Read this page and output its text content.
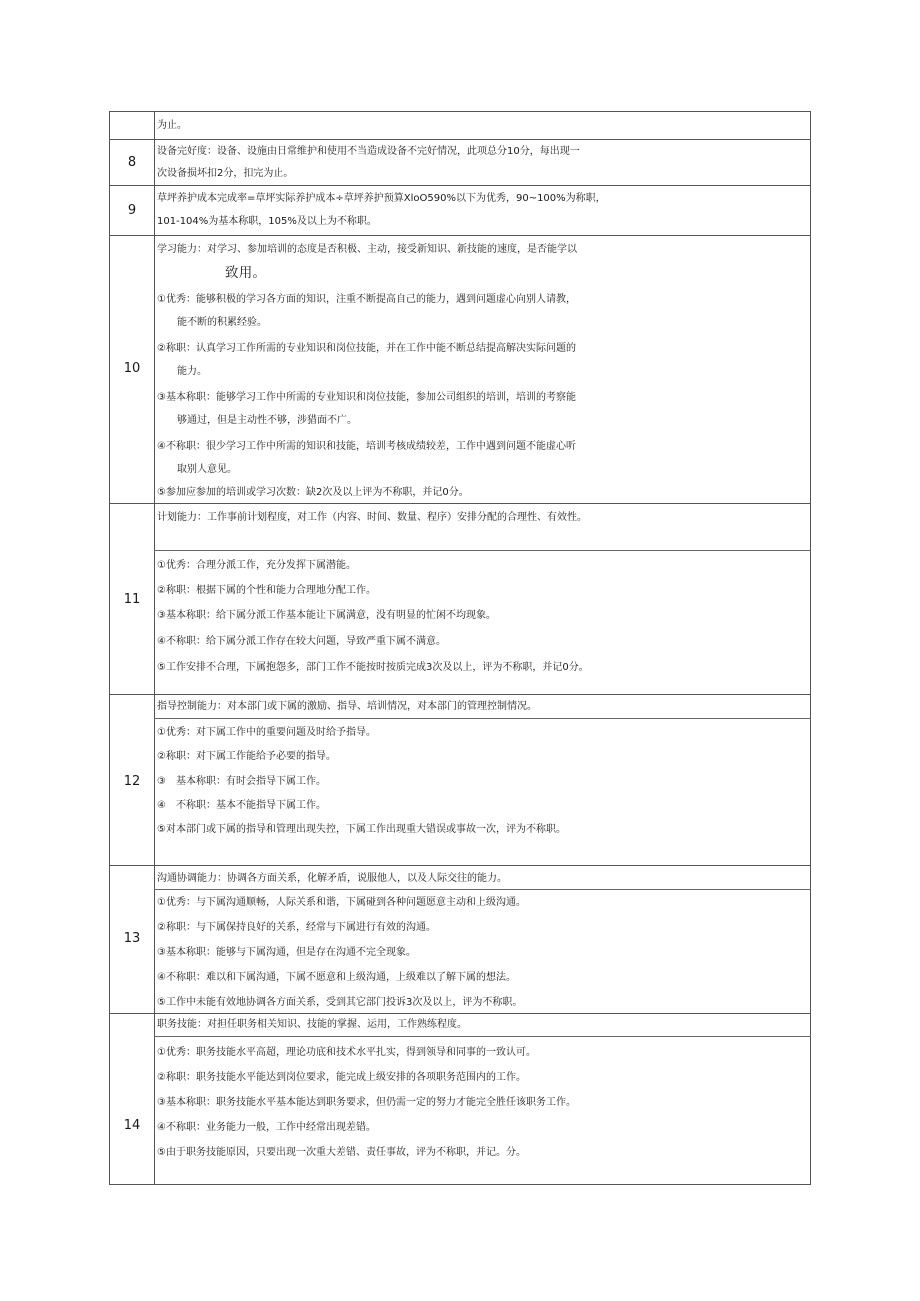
为止。
8
设备完好度：设备、设施由日常维护和使用不当造成设备不完好情况，此项总分10分，每出现一
次设备损坏扣2分，扣完为止。
9
草坪养护成本完成率=草坪实际养护成本÷草坪养护预算XloO590%以下为优秀，90~100%为称职，
101-104%为基本称职，105%及以上为不称职。
10
学习能力：对学习、参加培训的态度是否积极、主动，接受新知识、新技能的速度，是否能学以
致用。
①优秀：能够积极的学习各方面的知识，注重不断提高自己的能力，遇到问题虚心向别人请教，
能不断的积累经验。
②称职：认真学习工作所需的专业知识和岗位技能，并在工作中能不断总结提高解决实际问题的
能力。
③基本称职：能够学习工作中所需的专业知识和岗位技能，参加公司组织的培训，培训的考察能
够通过，但是主动性不够，涉猎面不广。
④不称职：很少学习工作中所需的知识和技能，培训考核成绩较差，工作中遇到问题不能虚心听
取别人意见。
⑤参加应参加的培训或学习次数：缺2次及以上评为不称职，并记0分。
11
计划能力：工作事前计划程度，对工作（内容、时间、数量、程序）安排分配的合理性、有效性。
①优秀：合理分派工作，充分发挥下属潜能。
②称职：根据下属的个性和能力合理地分配工作。
③基本称职：给下属分派工作基本能让下属满意，没有明显的忙闲不均现象。
④不称职：给下属分派工作存在较大问题，导致严重下属不满意。
⑤工作安排不合理，下属抱怨多，部门工作不能按时按质完成3次及以上，评为不称职，并记0分。
12
指导控制能力：对本部门或下属的激励、指导、培训情况，对本部门的管理控制情况。
①优秀：对下属工作中的重要问题及时给予指导。
②称职：对下属工作能给予必要的指导。
③　基本称职：有时会指导下属工作。
④　不称职：基本不能指导下属工作。
⑤对本部门或下属的指导和管理出现失控，下属工作出现重大错误或事故一次，评为不称职。
13
沟通协调能力：协调各方面关系，化解矛盾，说服他人，以及人际交往的能力。
①优秀：与下属沟通顺畅，人际关系和谐，下属碰到各种问题愿意主动和上级沟通。
②称职：与下属保持良好的关系，经常与下属进行有效的沟通。
③基本称职：能够与下属沟通，但是存在沟通不完全现象。
④不称职：难以和下属沟通，下属不愿意和上级沟通，上级难以了解下属的想法。
⑤工作中未能有效地协调各方面关系，受到其它部门投诉3次及以上，评为不称职。
14
职务技能：对担任职务相关知识、技能的掌握、运用，工作熟练程度。
①优秀：职务技能水平高超，理论功底和技术水平扎实，得到领导和同事的一致认可。
②称职：职务技能水平能达到岗位要求，能完成上级安排的各项职务范围内的工作。
③基本称职：职务技能水平基本能达到职务要求，但仍需一定的努力才能完全胜任该职务工作。
④不称职：业务能力一般，工作中经常出现差错。
⑤由于职务技能原因，只要出现一次重大差错、责任事故，评为不称职，并记。分。
